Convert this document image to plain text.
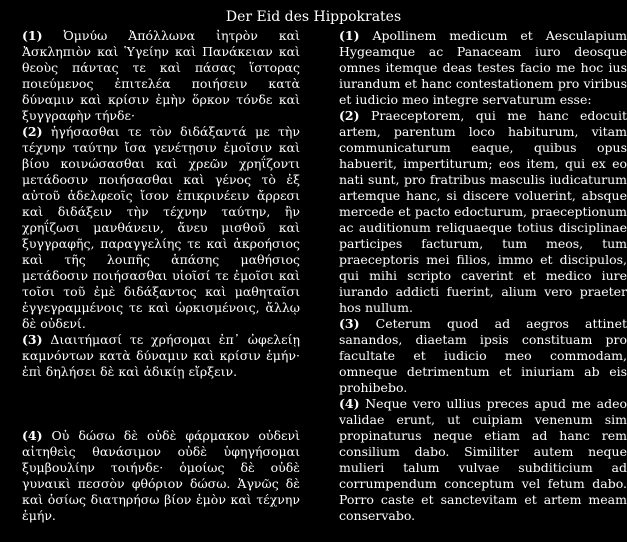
Der Eid des Hippokrates

(1) Ὀμνύω Ἀπόλλωνα ἰητρὸν καὶ Ἀσκληπιὸν καὶ Ὑγείην καὶ Πανάκειαν καὶ θεοὺς πάντας τε καὶ πάσας ἵστορας ποιεύμενος ἐπιτελέα ποιήσειν κατὰ δύναμιν καὶ κρίσιν ἐμὴν ὅρκον τόνδε καὶ ξυγγραφὴν τήνδε·

(2) ἡγήσασθαι τε τὸν διδάξαντά με τὴν τέχνην ταύτην ἴσα γενέτῃσιν ἐμοῖσιν καὶ βίου κοινώσασθαι καὶ χρεῶν χρηΐζοντι μετάδοσιν ποιήσασθαι καὶ γένος τὸ ἐξ αὐτοῦ ἀδελφεοῖς ἴσον ἐπικρινέειν ἄρρεσι καὶ διδάξειν τὴν τέχνην ταύτην, ἢν χρηΐζωσι μανθάνειν, ἄνευ μισθοῦ καὶ ξυγγραφῆς, παραγγελίης τε καὶ ἀκροήσιος καὶ τῆς λοιπῆς ἁπάσης μαθήσιος μετάδοσιν ποιήσασθαι υἱοῖσί τε ἐμοῖσι καὶ τοῖσι τοῦ ἐμὲ διδάξαντος καὶ μαθηταῖσι ἐγγεγραμμένοις τε καὶ ὡρκισμένοις, ἄλλῳ δὲ οὐδενί.

(3) Διαιτήμασί τε χρήσομαι ἐπ᾽ ὠφελείῃ καμνόντων κατὰ δύναμιν καὶ κρίσιν ἐμήν· ἐπὶ δηλήσει δὲ καὶ ἀδικίῃ εἴρξειν.

(4) Οὐ δώσω δὲ οὐδὲ φάρμακον οὐδενὶ αἰτηθεὶς θανάσιμον οὐδὲ ὑφηγήσομαι ξυμβουλίην τοιήνδε· ὁμοίως δὲ οὐδὲ γυναικὶ πεσσὸν φθόριον δώσω. Ἁγνῶς δὲ καὶ ὁσίως διατηρήσω βίον ἐμὸν καὶ τέχνην ἐμήν.

(1) Apollinem medicum et Aesculapium Hygeamque ac Panaceam iuro deosque omnes itemque deas testes facio me hoc ius iurandum et hanc contestationem pro viribus et iudicio meo integre servaturum esse:

(2) Praeceptorem, qui me hanc edocuit artem, parentum loco habiturum, vitam communicaturum eaque, quibus opus habuerit, impertiturum; eos item, qui ex eo nati sunt, pro fratribus masculis iudicaturum artemque hanc, si discere voluerint, absque mercede et pacto edocturum, praeceptionum ac auditionum reliquaeque totius disciplinae participes facturum, tum meos, tum praeceptoris mei filios, immo et discipulos, qui mihi scripto caverint et medico iure iurando addicti fuerint, alium vero praeter hos nullum.

(3) Ceterum quod ad aegros attinet sanandos, diaetam ipsis constituam pro facultate et iudicio meo commodam, omneque detrimentum et iniuriam ab eis prohibebo.

(4) Neque vero ullius preces apud me adeo validae erunt, ut cuipiam venenum sim propinaturus neque etiam ad hanc rem consilium dabo. Similiter autem neque mulieri talum vulvae subditicium ad corrumpendum conceptum vel fetum dabo. Porro caste et sanctevitam et artem meam conservabo.
